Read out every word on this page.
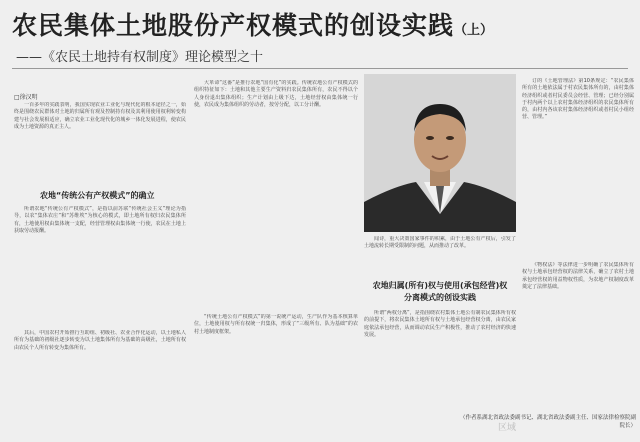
农民集体土地股份产权模式的创设实践（上）
——《农民土地持有权制度》理论模型之十
□徐汉明

一百多年的实践表明，我国实现农业工业化与现代化的根本途径之一，始终是围绕农民群体对土地的归属所有观及控制持有权及其利用使用权利转变构建与社会发展相适应，确立农业工业化现代化的城乡一体化发展进程，使农民成为土地资源的真正主人。

农地“传统公有产权模式”的确立

所谓农地“传统公有产权模式”，是指以前苏联“传统社会主义”理论为指导，以农“集体农庄”和“苏维埃”为核心的模式，即土地所有权归农民集体所有，土地使用权由集体统一支配，经营管理权由集体统一行使，农民在土地上获取劳动报酬。

其后，中国农村开始推行互助组、初级社、农业合作化运动，以土地私人所有为基础的初级社逐步转变为以土地集体所有为基础的高级社，土地所有权由农民个人所有转变为集体所有。

大革命“这番”是推行农地“国有化”的实践。传统农地公有产权模式的组织特征如下：土地和其他主要生产资料归农民集体所有，农民不得以个人身份退出集体组织；生产计划由上级下达，土地经营权由集体统一行使，农民成为集体组织的劳动者，按劳分配，以工分计酬。

“传统土地公有产权模式”的第一说统产运动，生产队作为基本核算单位，土地使用权与所有权统一归集体，形成了“三级所有、队为基础”的农村土地制度框架。

闻诗，重大决策国家事件的积累，由于土地公有产权后，引发了土地流转长期受限制的问题，从而推动了改革。

农地归属(所有)权与使用(承包经营)权
分离模式的创设实践

所谓“两权分离”，是指围绕农村集体土地公有制农民集体所有权的前提下，将农民集体土地所有权与土地承包经营权分离，由农民家庭依法承包经营，从而调动农民生产积极性，推动了农村经济的快速发展。

订的《土地管理法》第10条规定：“农民集体所有的土地依法属于村农民集体所有的，由村集体经济组织或者村民委员会经营、管理；已经分别属于村内两个以上农村集体经济组织的农民集体所有的，由村内各该农村集体经济组织或者村民小组经营、管理。”

《物权法》等法律进一步明确了农民集体所有权与土地承包经营权的法律关系，确立了农村土地承包经营权的用益物权性质，为农地产权制度改革奠定了法律基础。

（作者系湖北省政法委副书记、湖北省政法委副主任、国家法律检察院副院长）
区域
